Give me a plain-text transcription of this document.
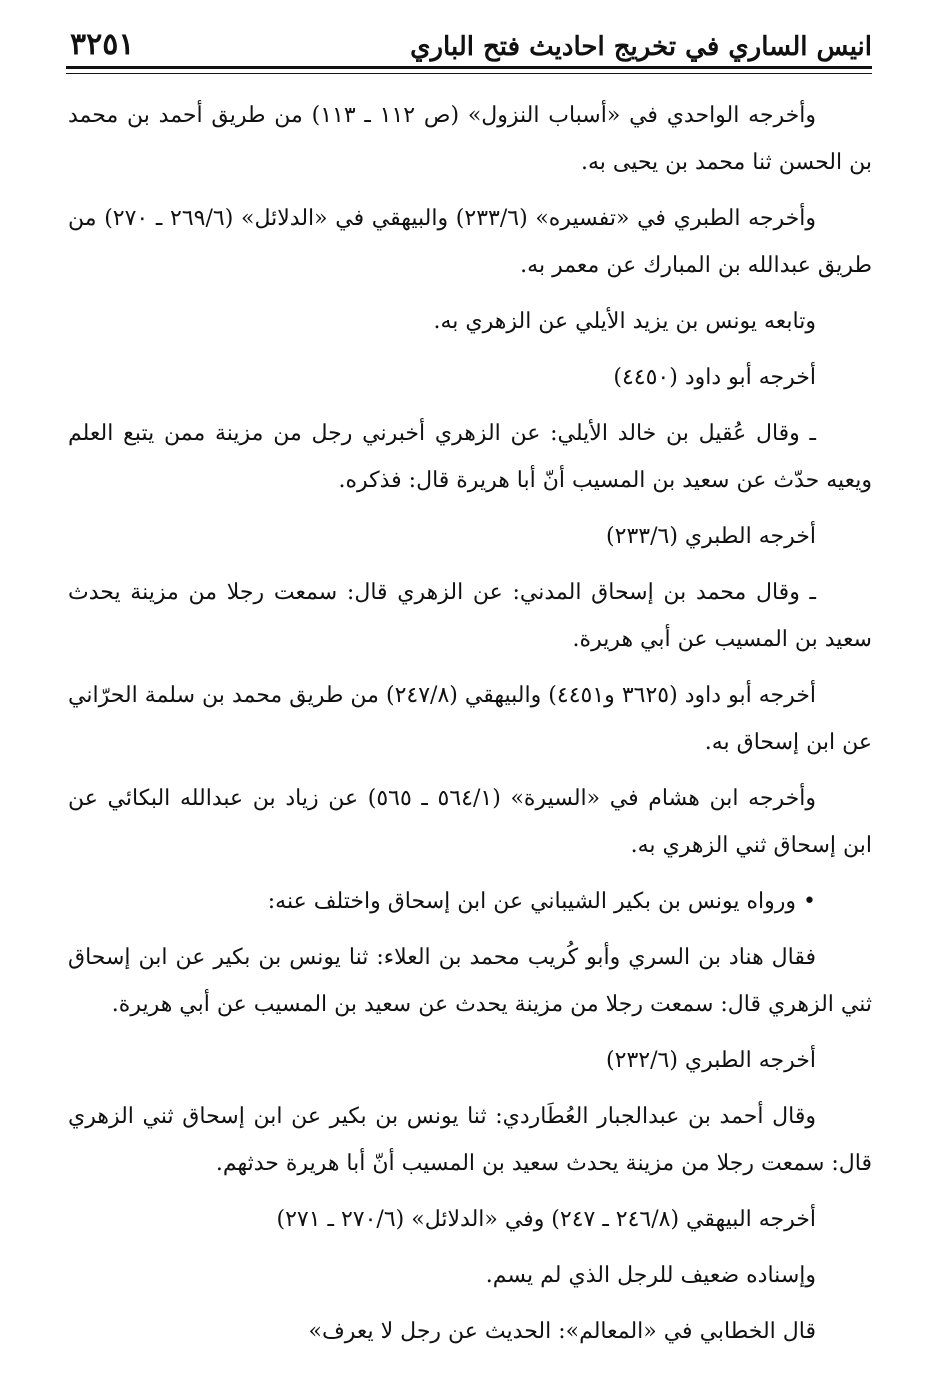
انيس الساري في تخريج احاديث فتح الباري
٣٢٥١

وأخرجه الواحدي في «أسباب النزول» (ص ١١٢ ـ ١١٣) من طريق أحمد بن محمد بن الحسن ثنا محمد بن يحيى به.

وأخرجه الطبري في «تفسيره» (٢٣٣/٦) والبيهقي في «الدلائل» (٢٦٩/٦ ـ ٢٧٠) من طريق عبدالله بن المبارك عن معمر به.

وتابعه يونس بن يزيد الأيلي عن الزهري به.

أخرجه أبو داود (٤٤٥٠)

ـ وقال عُقيل بن خالد الأيلي: عن الزهري أخبرني رجل من مزينة ممن يتبع العلم ويعيه حدّث عن سعيد بن المسيب أنّ أبا هريرة قال: فذكره.

أخرجه الطبري (٢٣٣/٦)

ـ وقال محمد بن إسحاق المدني: عن الزهري قال: سمعت رجلا من مزينة يحدث سعيد بن المسيب عن أبي هريرة.

أخرجه أبو داود (٣٦٢٥ و٤٤٥١) والبيهقي (٢٤٧/٨) من طريق محمد بن سلمة الحرّاني عن ابن إسحاق به.

وأخرجه ابن هشام في «السيرة» (٥٦٤/١ ـ ٥٦٥) عن زياد بن عبدالله البكائي عن ابن إسحاق ثني الزهري به.

• ورواه يونس بن بكير الشيباني عن ابن إسحاق واختلف عنه:

فقال هناد بن السري وأبو كُريب محمد بن العلاء: ثنا يونس بن بكير عن ابن إسحاق ثني الزهري قال: سمعت رجلا من مزينة يحدث عن سعيد بن المسيب عن أبي هريرة.

أخرجه الطبري (٢٣٢/٦)

وقال أحمد بن عبدالجبار العُطَاردي: ثنا يونس بن بكير عن ابن إسحاق ثني الزهري قال: سمعت رجلا من مزينة يحدث سعيد بن المسيب أنّ أبا هريرة حدثهم.

أخرجه البيهقي (٢٤٦/٨ ـ ٢٤٧) وفي «الدلائل» (٢٧٠/٦ ـ ٢٧١)

وإسناده ضعيف للرجل الذي لم يسم.

قال الخطابي في «المعالم»: الحديث عن رجل لا يعرف»
